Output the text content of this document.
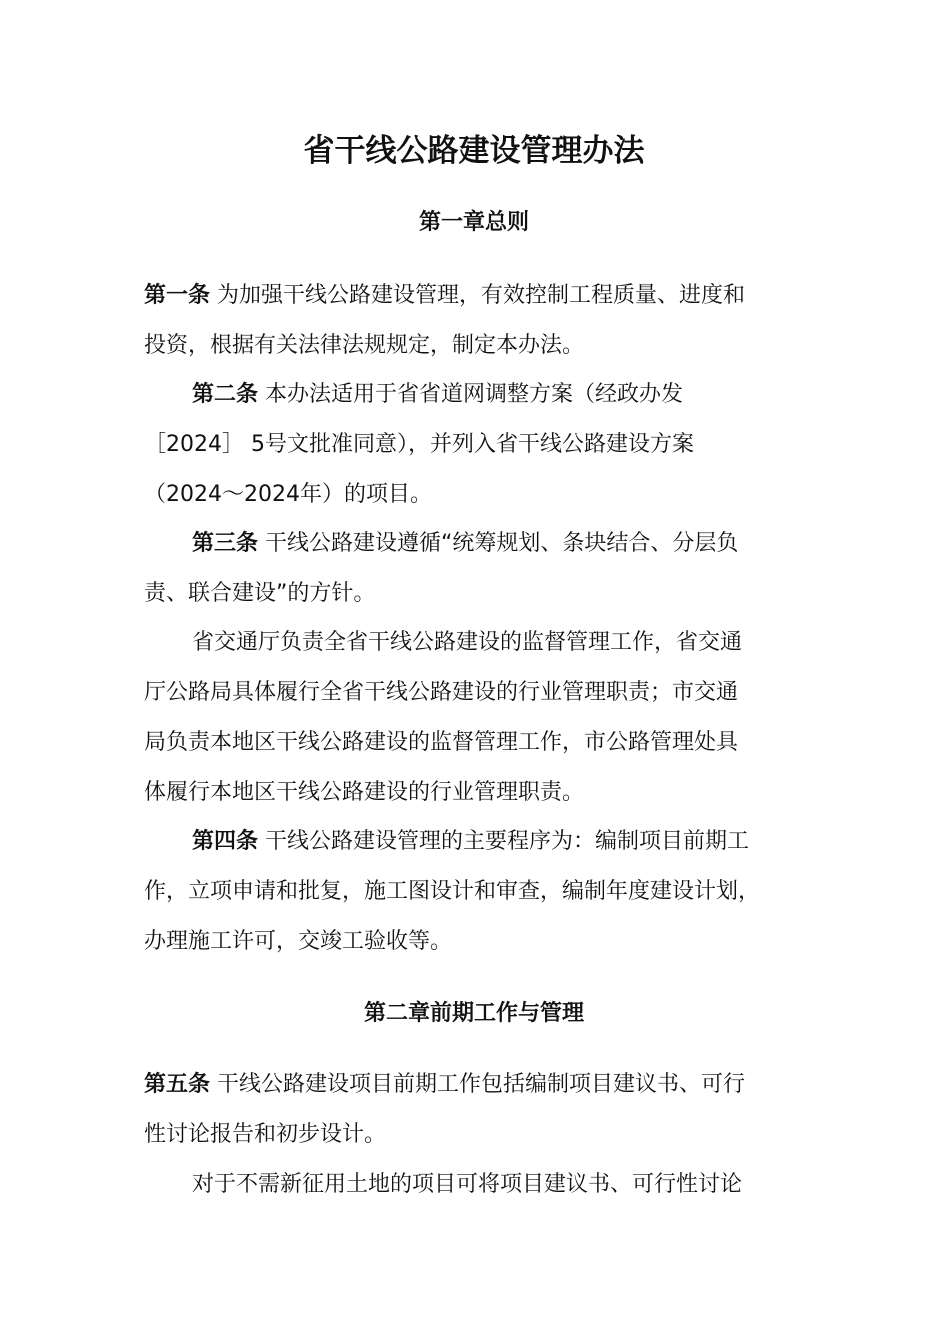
省干线公路建设管理办法
第一章总则
第一条 为加强干线公路建设管理，有效控制工程质量、进度和
投资，根据有关法律法规规定，制定本办法。
第二条 本办法适用于省省道网调整方案（经政办发
［2024］ 5号文批准同意），并列入省干线公路建设方案
（2024～2024年）的项目。
第三条 干线公路建设遵循“统筹规划、条块结合、分层负
责、联合建设”的方针。
省交通厅负责全省干线公路建设的监督管理工作，省交通
厅公路局具体履行全省干线公路建设的行业管理职责；市交通
局负责本地区干线公路建设的监督管理工作，市公路管理处具
体履行本地区干线公路建设的行业管理职责。
第四条 干线公路建设管理的主要程序为：编制项目前期工
作，立项申请和批复，施工图设计和审查，编制年度建设计划，
办理施工许可，交竣工验收等。
第二章前期工作与管理
第五条 干线公路建设项目前期工作包括编制项目建议书、可行
性讨论报告和初步设计。
对于不需新征用土地的项目可将项目建议书、可行性讨论
